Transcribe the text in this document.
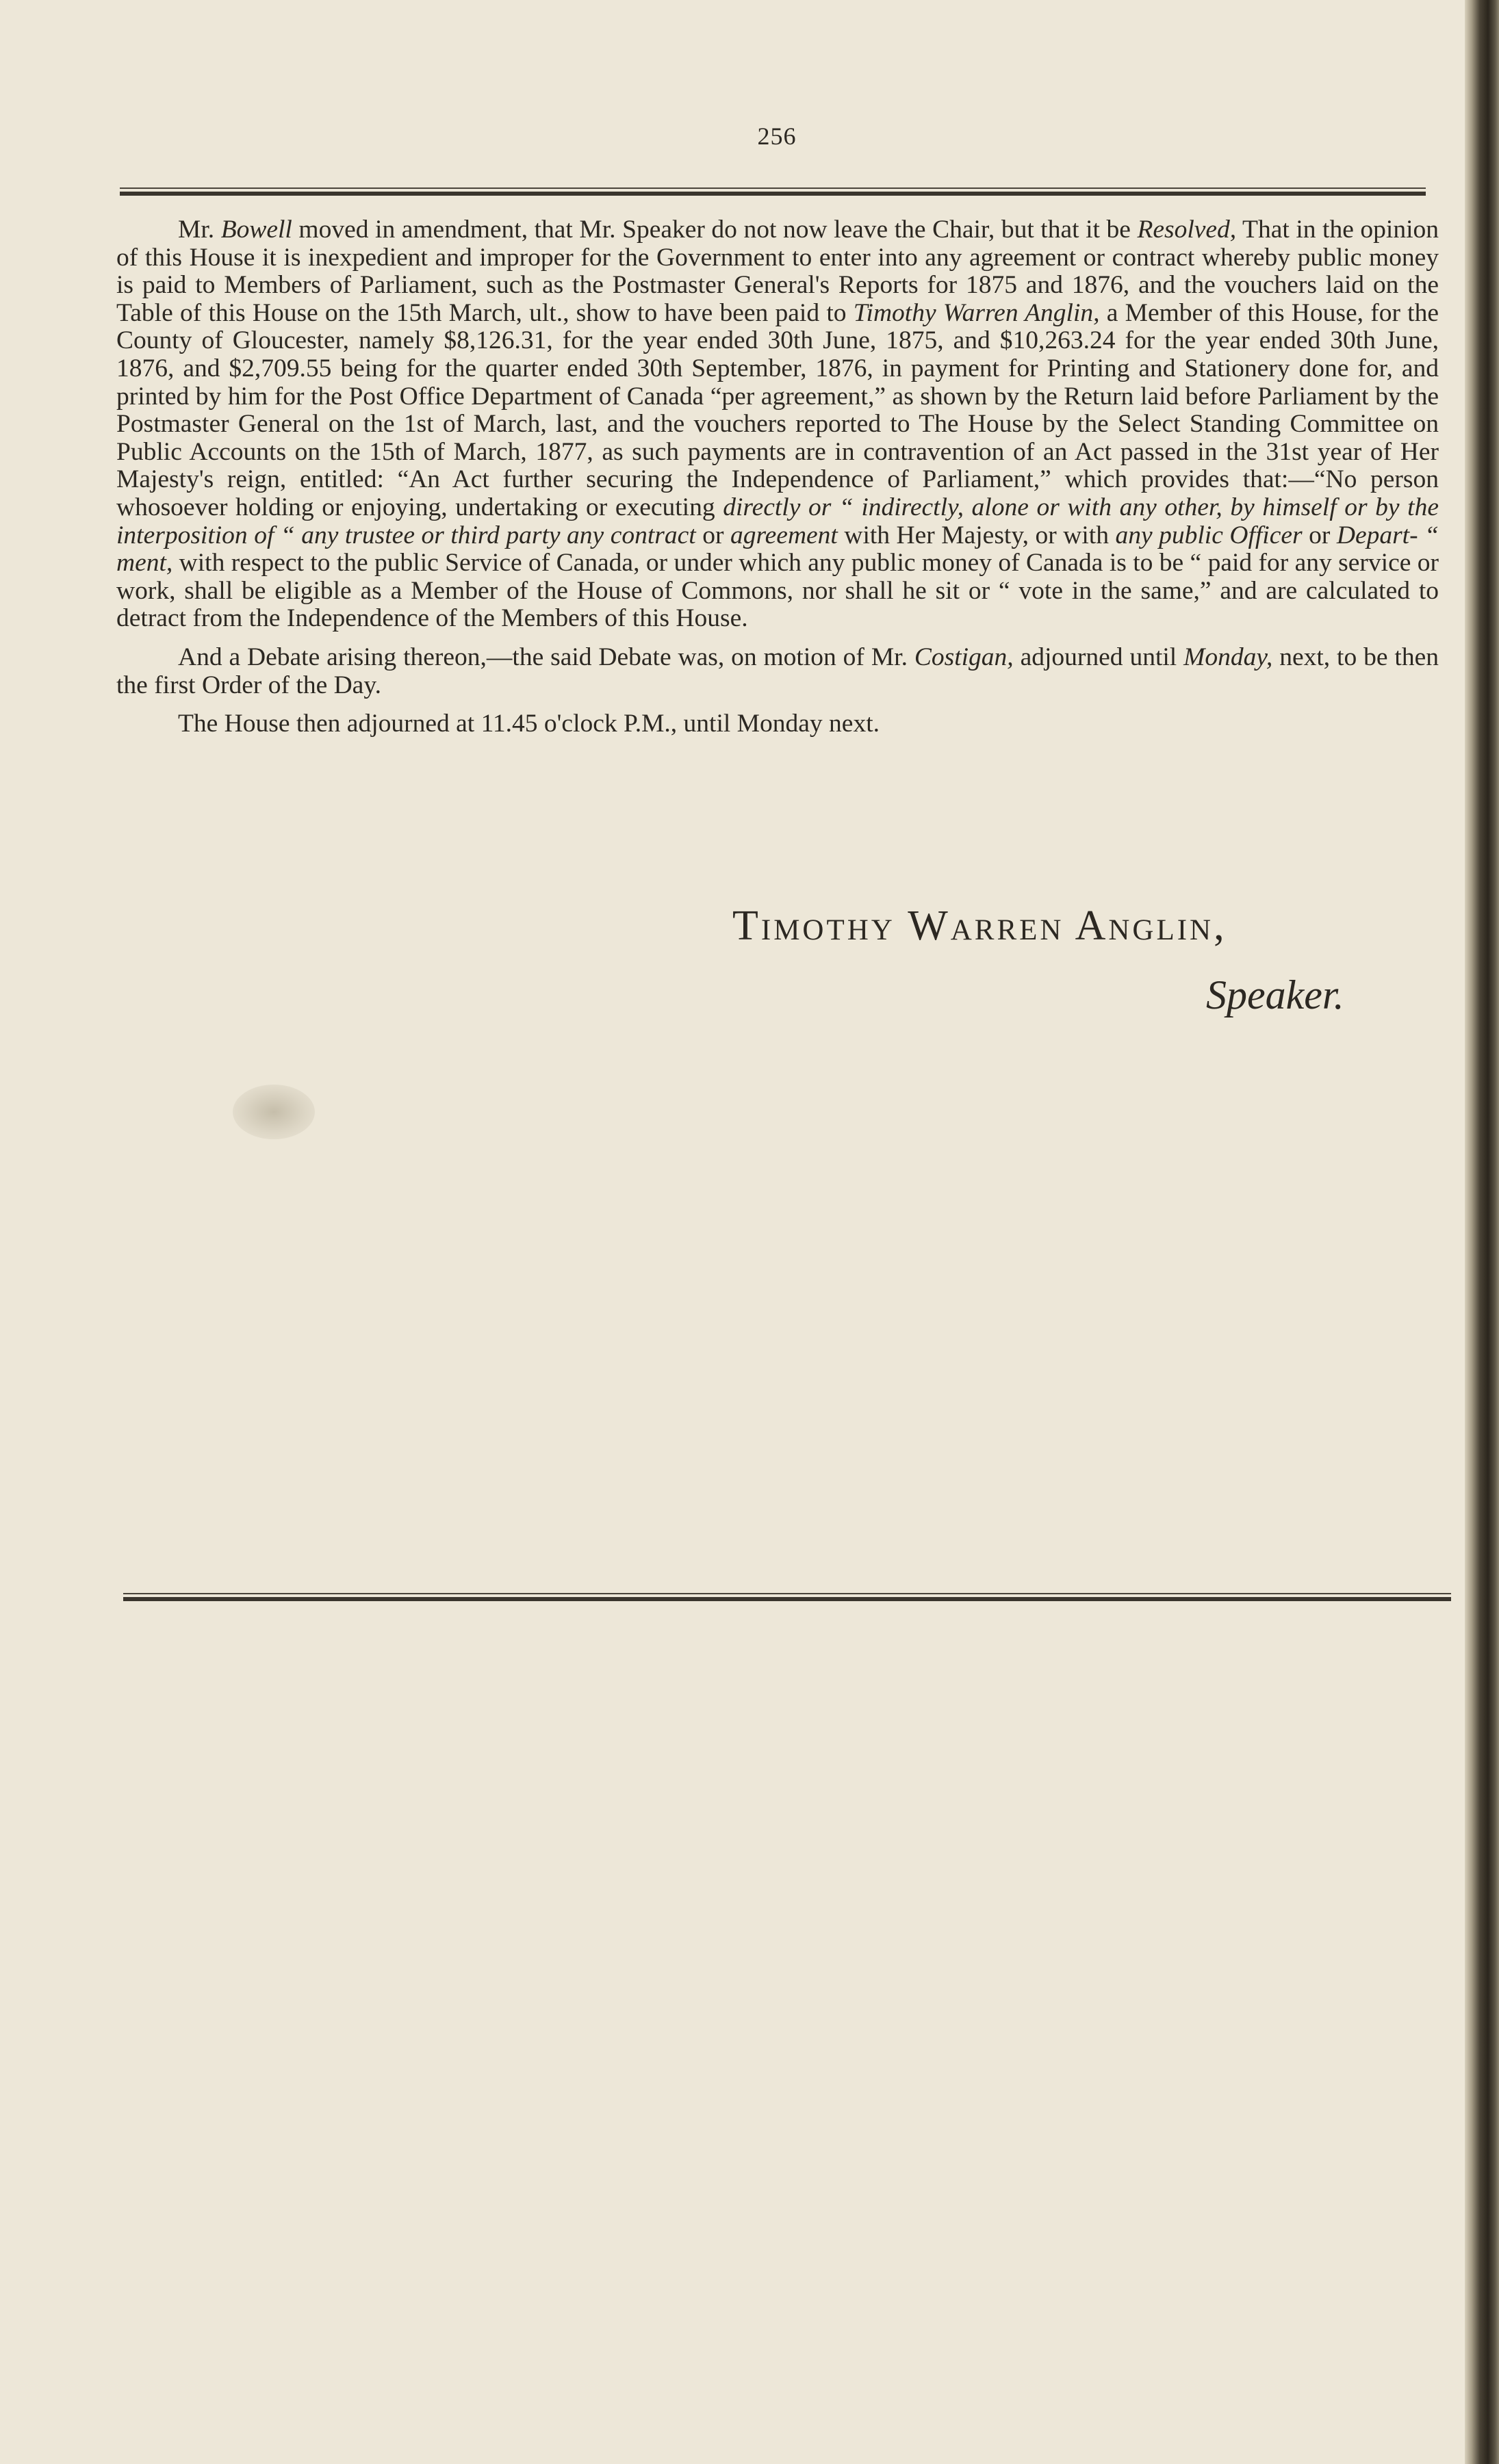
256

Mr. Bowell moved in amendment, that Mr. Speaker do not now leave the Chair, but that it be Resolved, That in the opinion of this House it is inexpedient and improper for the Government to enter into any agreement or contract whereby public money is paid to Members of Parliament, such as the Postmaster General's Reports for 1875 and 1876, and the vouchers laid on the Table of this House on the 15th March, ult., show to have been paid to Timothy Warren Anglin, a Member of this House, for the County of Gloucester, namely $8,126.31, for the year ended 30th June, 1875, and $10,263.24 for the year ended 30th June, 1876, and $2,709.55 being for the quarter ended 30th September, 1876, in payment for Printing and Stationery done for, and printed by him for the Post Office Department of Canada “per agreement,” as shown by the Return laid before Parliament by the Postmaster General on the 1st of March, last, and the vouchers reported to The House by the Select Standing Committee on Public Accounts on the 15th of March, 1877, as such payments are in contravention of an Act passed in the 31st year of Her Majesty's reign, entitled: “An Act further securing the Independence of Parliament,” which provides that:—“No person whosoever holding or enjoying, undertaking or executing directly or “ indirectly, alone or with any other, by himself or by the interposition of “ any trustee or third party any contract or agreement with Her Majesty, or with any public Officer or Depart- “ ment, with respect to the public Service of Canada, or under which any public money of Canada is to be “ paid for any service or work, shall be eligible as a Member of the House of Commons, nor shall he sit or “ vote in the same,” and are calculated to detract from the Independence of the Members of this House.

And a Debate arising thereon,—the said Debate was, on motion of Mr. Costigan, adjourned until Monday, next, to be then the first Order of the Day.

The House then adjourned at 11.45 o'clock P.M., until Monday next.

Timothy Warren Anglin,
Speaker.
